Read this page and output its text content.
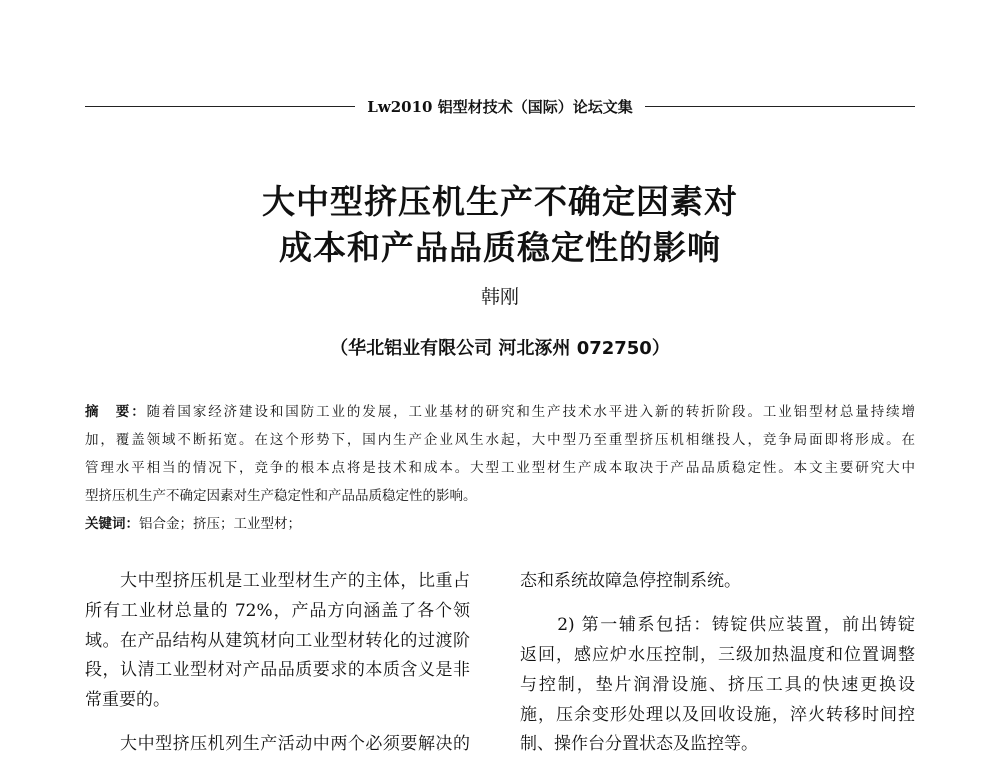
Lw2010 铝型材技术（国际）论坛文集
大中型挤压机生产不确定因素对
成本和产品品质稳定性的影响
韩刚
（华北铝业有限公司 河北涿州 072750）
摘　要：随着国家经济建设和国防工业的发展，工业基材的研究和生产技术水平进入新的转折阶段。工业铝型材总量持续增
加，覆盖领域不断拓宽。在这个形势下，国内生产企业风生水起，大中型乃至重型挤压机相继投人，竞争局面即将形成。在
管理水平相当的情况下，竞争的根本点将是技术和成本。大型工业型材生产成本取决于产品品质稳定性。本文主要研究大中
型挤压机生产不确定因素对生产稳定性和产品品质稳定性的影响。
关键词：铝合金；挤压；工业型材；
　　大中型挤压机是工业型材生产的主体，比重占
所有工业材总量的 72%，产品方向涵盖了各个领
域。在产品结构从建筑材向工业型材转化的过渡阶
段，认清工业型材对产品品质要求的本质含义是非
常重要的。
　　大中型挤压机列生产活动中两个必须要解决的
态和系统故障急停控制系统。
　　2) 第一辅系包括：铸锭供应装置，前出铸锭
返回，感应炉水压控制，三级加热温度和位置调整
与控制，垫片润滑设施、挤压工具的快速更换设
施，压余变形处理以及回收设施，淬火转移时间控
制、操作台分置状态及监控等。
